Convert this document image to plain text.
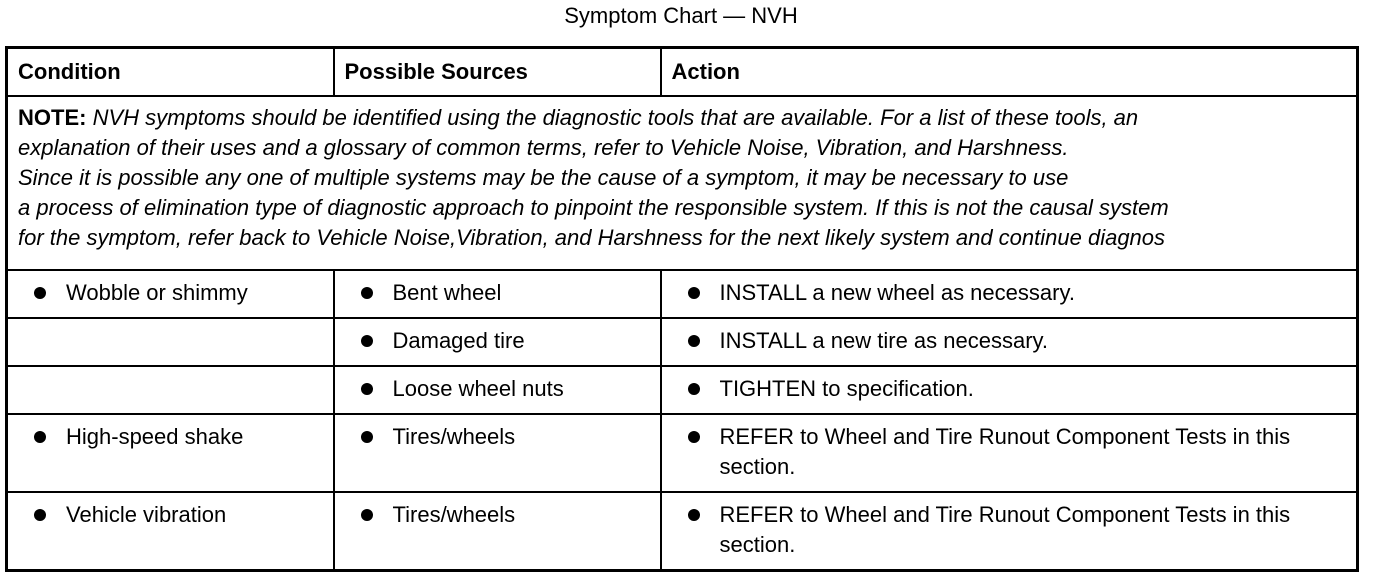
Symptom Chart — NVH
Condition	Possible Sources	Action

NOTE: NVH symptoms should be identified using the diagnostic tools that are available. For a list of these tools, an
explanation of their uses and a glossary of common terms, refer to Vehicle Noise, Vibration, and Harshness.
Since it is possible any one of multiple systems may be the cause of a symptom, it may be necessary to use
a process of elimination type of diagnostic approach to pinpoint the responsible system. If this is not the causal system
for the symptom, refer back to Vehicle Noise,Vibration, and Harshness for the next likely system and continue diagnos		

Wobble or shimmy	Bent wheel	INSTALL a new wheel as necessary.

	Damaged tire	INSTALL a new tire as necessary.

	Loose wheel nuts	TIGHTEN to specification.

High-speed shake	Tires/wheels	REFER to Wheel and Tire Runout Component Tests in this section.

Vehicle vibration	Tires/wheels	REFER to Wheel and Tire Runout Component Tests in this section.
